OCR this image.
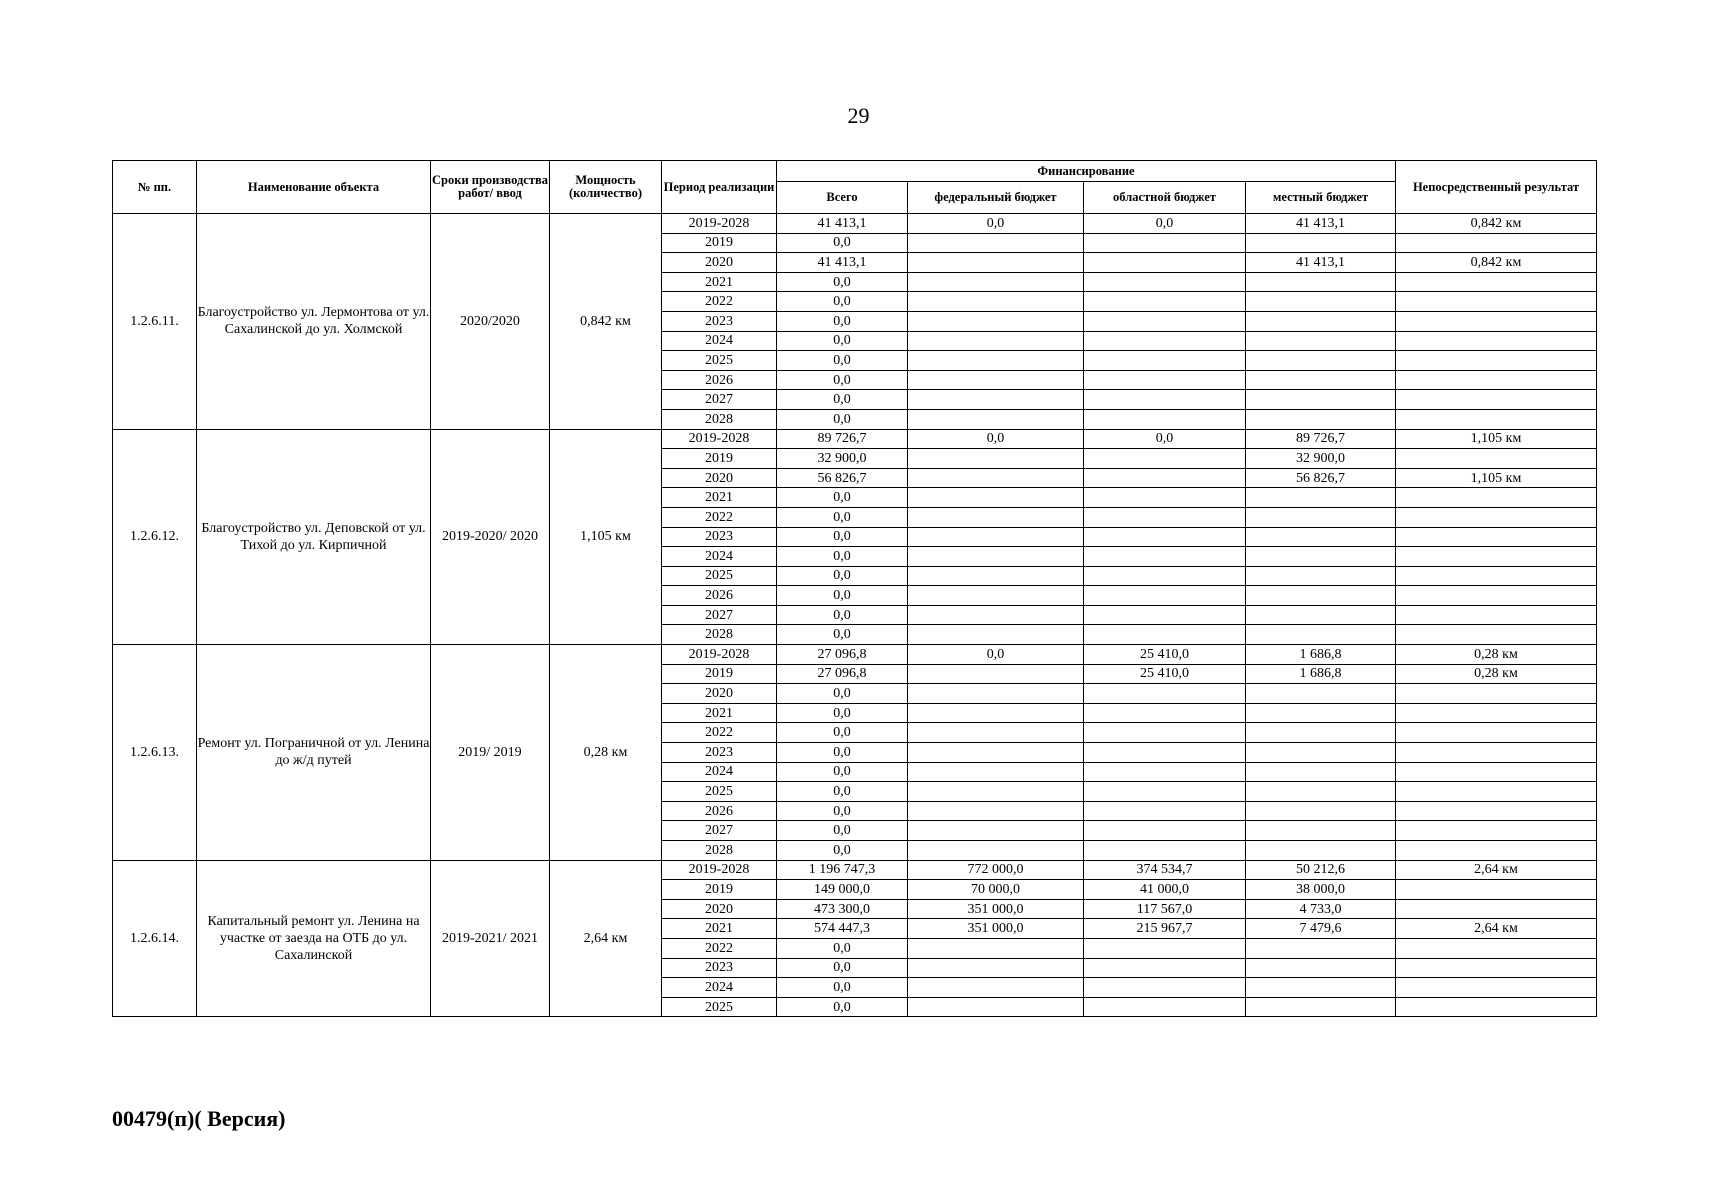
29
№ пп.	Наименование объекта	Сроки производства работ/ ввод	Мощность (количество)	Период реализации	Финансирование				Непосредственный результат
					Всего	федеральный бюджет	областной бюджет	местный бюджет	
1.2.6.11.	Благоустройство ул. Лермонтова от ул. Сахалинской до ул. Холмской	2020/2020	0,842 км	2019-2028	41 413,1	0,0	0,0	41 413,1	0,842 км
				2019	0,0				
				2020	41 413,1			41 413,1	0,842 км
				2021	0,0				
				2022	0,0				
				2023	0,0				
				2024	0,0				
				2025	0,0				
				2026	0,0				
				2027	0,0				
				2028	0,0				
1.2.6.12.	Благоустройство ул. Деповской от ул. Тихой до ул. Кирпичной	2019-2020/ 2020	1,105 км	2019-2028	89 726,7	0,0	0,0	89 726,7	1,105 км
				2019	32 900,0			32 900,0	
				2020	56 826,7			56 826,7	1,105 км
				2021	0,0				
				2022	0,0				
				2023	0,0				
				2024	0,0				
				2025	0,0				
				2026	0,0				
				2027	0,0				
				2028	0,0				
1.2.6.13.	Ремонт ул. Пограничной от ул. Ленина до ж/д путей	2019/ 2019	0,28 км	2019-2028	27 096,8	0,0	25 410,0	1 686,8	0,28 км
				2019	27 096,8		25 410,0	1 686,8	0,28 км
				2020	0,0				
				2021	0,0				
				2022	0,0				
				2023	0,0				
				2024	0,0				
				2025	0,0				
				2026	0,0				
				2027	0,0				
				2028	0,0				
1.2.6.14.	Капитальный ремонт ул. Ленина на участке от заезда на ОТБ до ул. Сахалинской	2019-2021/ 2021	2,64 км	2019-2028	1 196 747,3	772 000,0	374 534,7	50 212,6	2,64 км
				2019	149 000,0	70 000,0	41 000,0	38 000,0	
				2020	473 300,0	351 000,0	117 567,0	4 733,0	
				2021	574 447,3	351 000,0	215 967,7	7 479,6	2,64 км
				2022	0,0				
				2023	0,0				
				2024	0,0				
				2025	0,0				
00479(п)( Версия)
